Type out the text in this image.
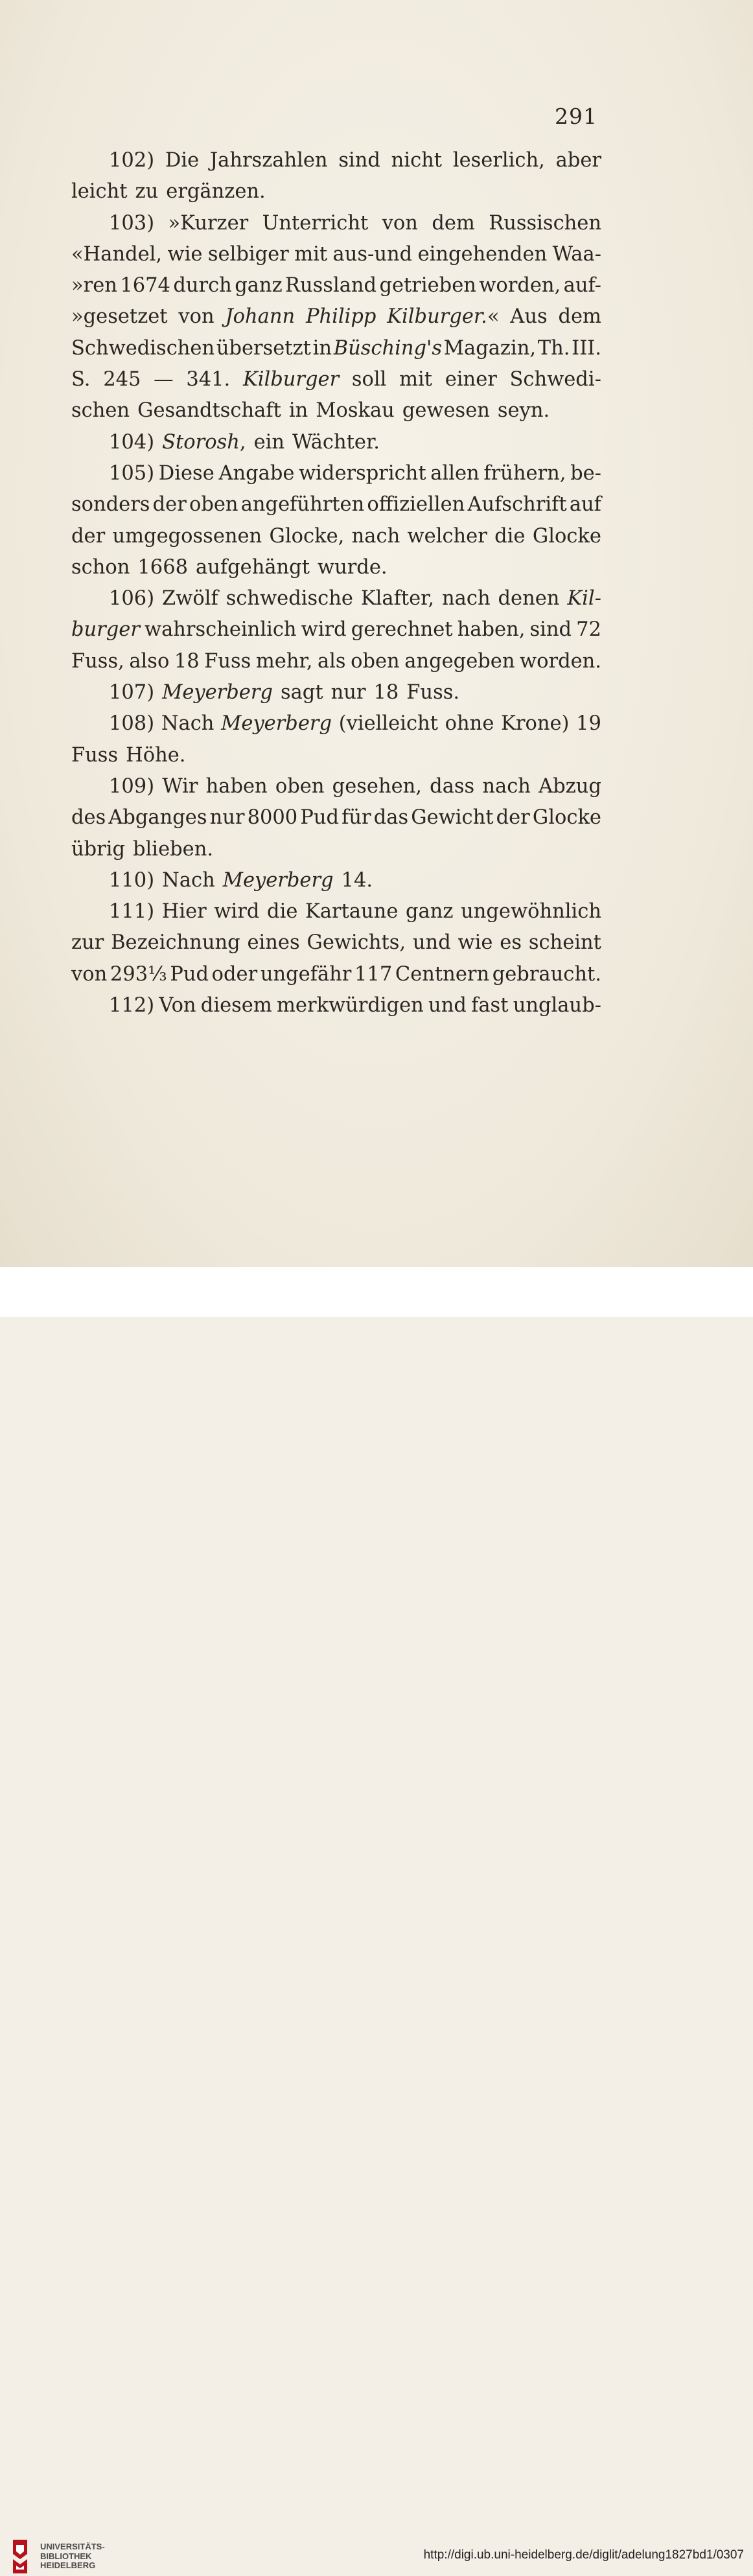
291
102) Die Jahrszahlen sind nicht leserlich, aber
leicht zu ergänzen.
103) »Kurzer Unterricht von dem Russischen
«Handel, wie selbiger mit aus-und eingehenden Waa-
»ren 1674 durch ganz Russland getrieben worden, auf-
»gesetzet von Johann Philipp Kilburger.« Aus dem
Schwedischen übersetzt in Büsching's Magazin, Th. III.
S. 245 — 341. Kilburger soll mit einer Schwedi-
schen Gesandtschaft in Moskau gewesen seyn.
104) Storosh, ein Wächter.
105) Diese Angabe widerspricht allen frühern, be-
sonders der oben angeführten offiziellen Aufschrift auf
der umgegossenen Glocke, nach welcher die Glocke
schon 1668 aufgehängt wurde.
106) Zwölf schwedische Klafter, nach denen Kil-
burger wahrscheinlich wird gerechnet haben, sind 72
Fuss, also 18 Fuss mehr, als oben angegeben worden.
107) Meyerberg sagt nur 18 Fuss.
108) Nach Meyerberg (vielleicht ohne Krone) 19
Fuss Höhe.
109) Wir haben oben gesehen, dass nach Abzug
des Abganges nur 8000 Pud für das Gewicht der Glocke
übrig blieben.
110) Nach Meyerberg 14.
111) Hier wird die Kartaune ganz ungewöhnlich
zur Bezeichnung eines Gewichts, und wie es scheint
von 293⅓ Pud oder ungefähr 117 Centnern gebraucht.
112) Von diesem merkwürdigen und fast unglaub-
UNIVERSITÄTS-
BIBLIOTHEK
HEIDELBERG
http://digi.ub.uni-heidelberg.de/diglit/adelung1827bd1/0307
